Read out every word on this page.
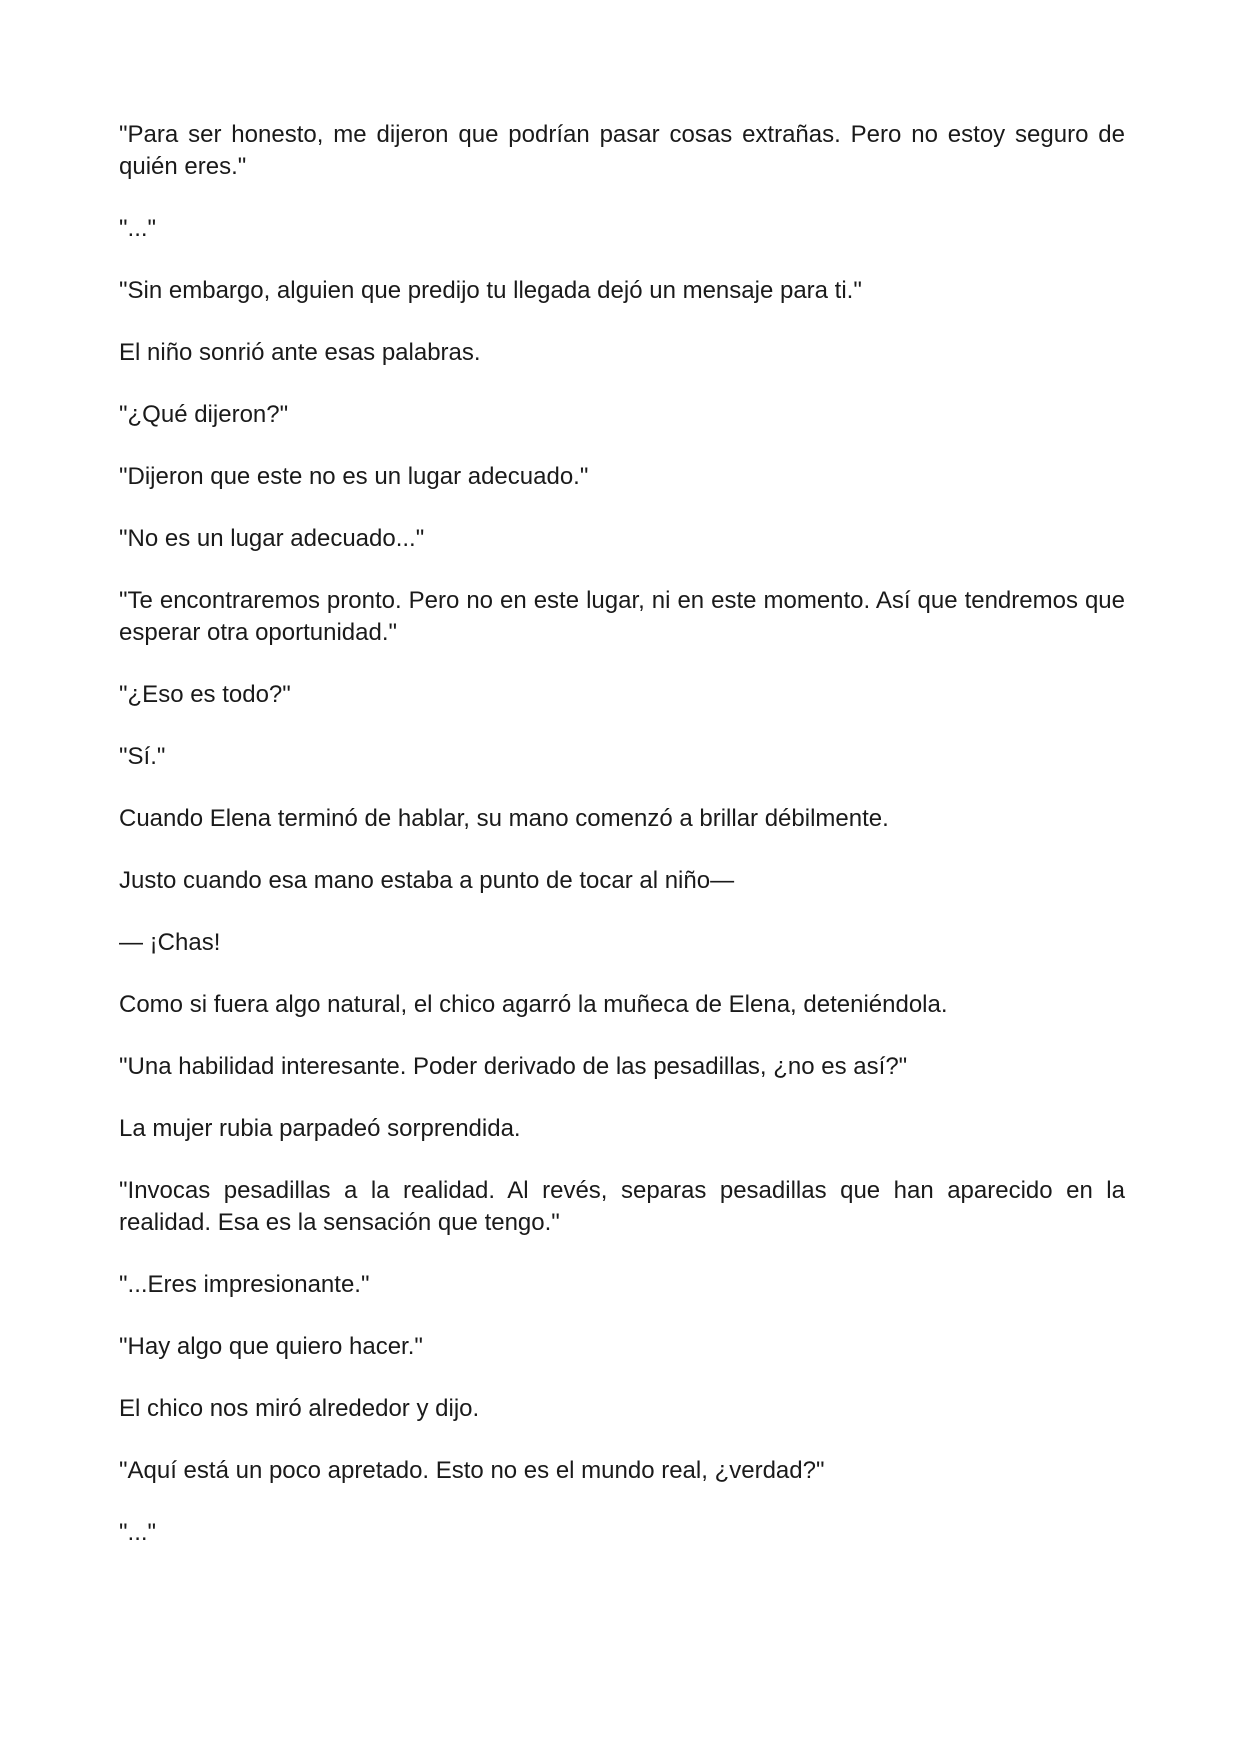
"Para ser honesto, me dijeron que podrían pasar cosas extrañas. Pero no estoy seguro de quién eres."

"..."

"Sin embargo, alguien que predijo tu llegada dejó un mensaje para ti."

El niño sonrió ante esas palabras.

"¿Qué dijeron?"

"Dijeron que este no es un lugar adecuado."

"No es un lugar adecuado..."

"Te encontraremos pronto. Pero no en este lugar, ni en este momento. Así que tendremos que esperar otra oportunidad."

"¿Eso es todo?"

"Sí."

Cuando Elena terminó de hablar, su mano comenzó a brillar débilmente.

Justo cuando esa mano estaba a punto de tocar al niño—

— ¡Chas!

Como si fuera algo natural, el chico agarró la muñeca de Elena, deteniéndola.

"Una habilidad interesante. Poder derivado de las pesadillas, ¿no es así?"

La mujer rubia parpadeó sorprendida.

"Invocas pesadillas a la realidad. Al revés, separas pesadillas que han aparecido en la realidad. Esa es la sensación que tengo."

"...Eres impresionante."

"Hay algo que quiero hacer."

El chico nos miró alrededor y dijo.

"Aquí está un poco apretado. Esto no es el mundo real, ¿verdad?"

"..."
